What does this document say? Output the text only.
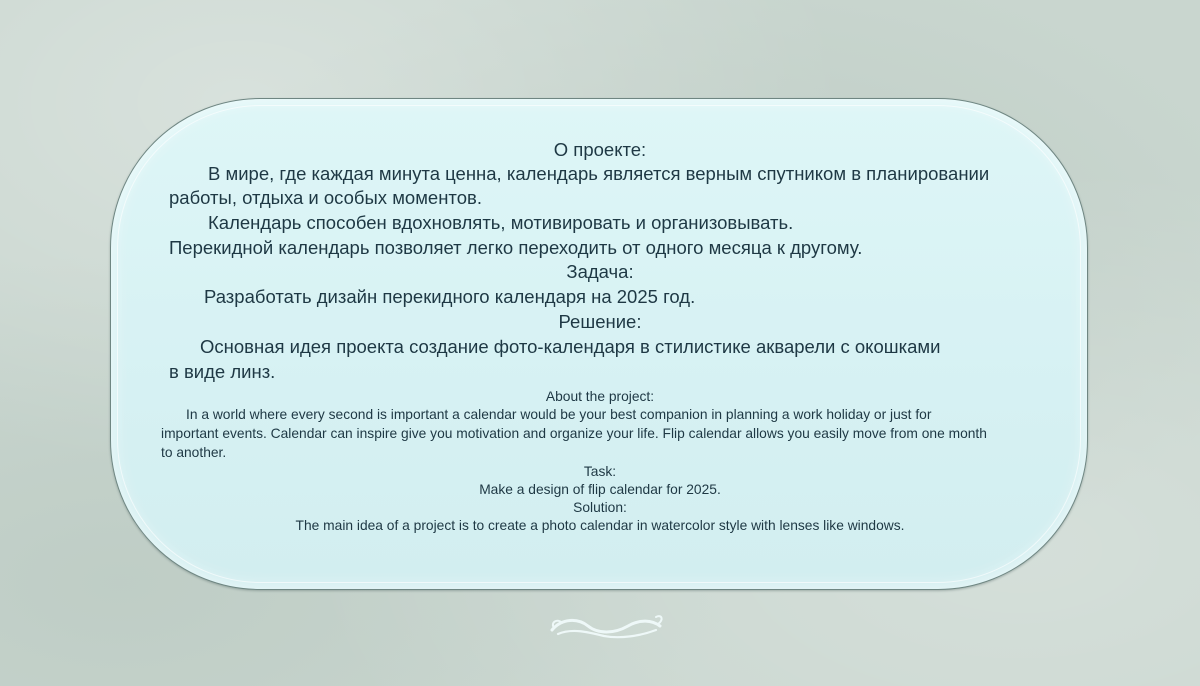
О проекте:

В мире, где каждая минута ценна, календарь является верным спутником в планировании

работы, отдыха и особых моментов.

Календарь способен вдохновлять, мотивировать и организовывать.

Перекидной календарь позволяет легко переходить от одного месяца к другому.

Задача:

Разработать дизайн перекидного календаря на 2025 год.

Решение:

Основная идея проекта создание фото-календаря в стилистике акварели с окошками

в виде линз.

About the project:

In a world where every second is important a calendar would be your best companion in planning a work holiday or just for

important events. Calendar can inspire give you motivation and organize your life. Flip calendar allows you easily move from one month

to another.

Task:

Make a design of flip calendar for 2025.

Solution:

The main idea of a project is to create a photo calendar in watercolor style with lenses like windows.
